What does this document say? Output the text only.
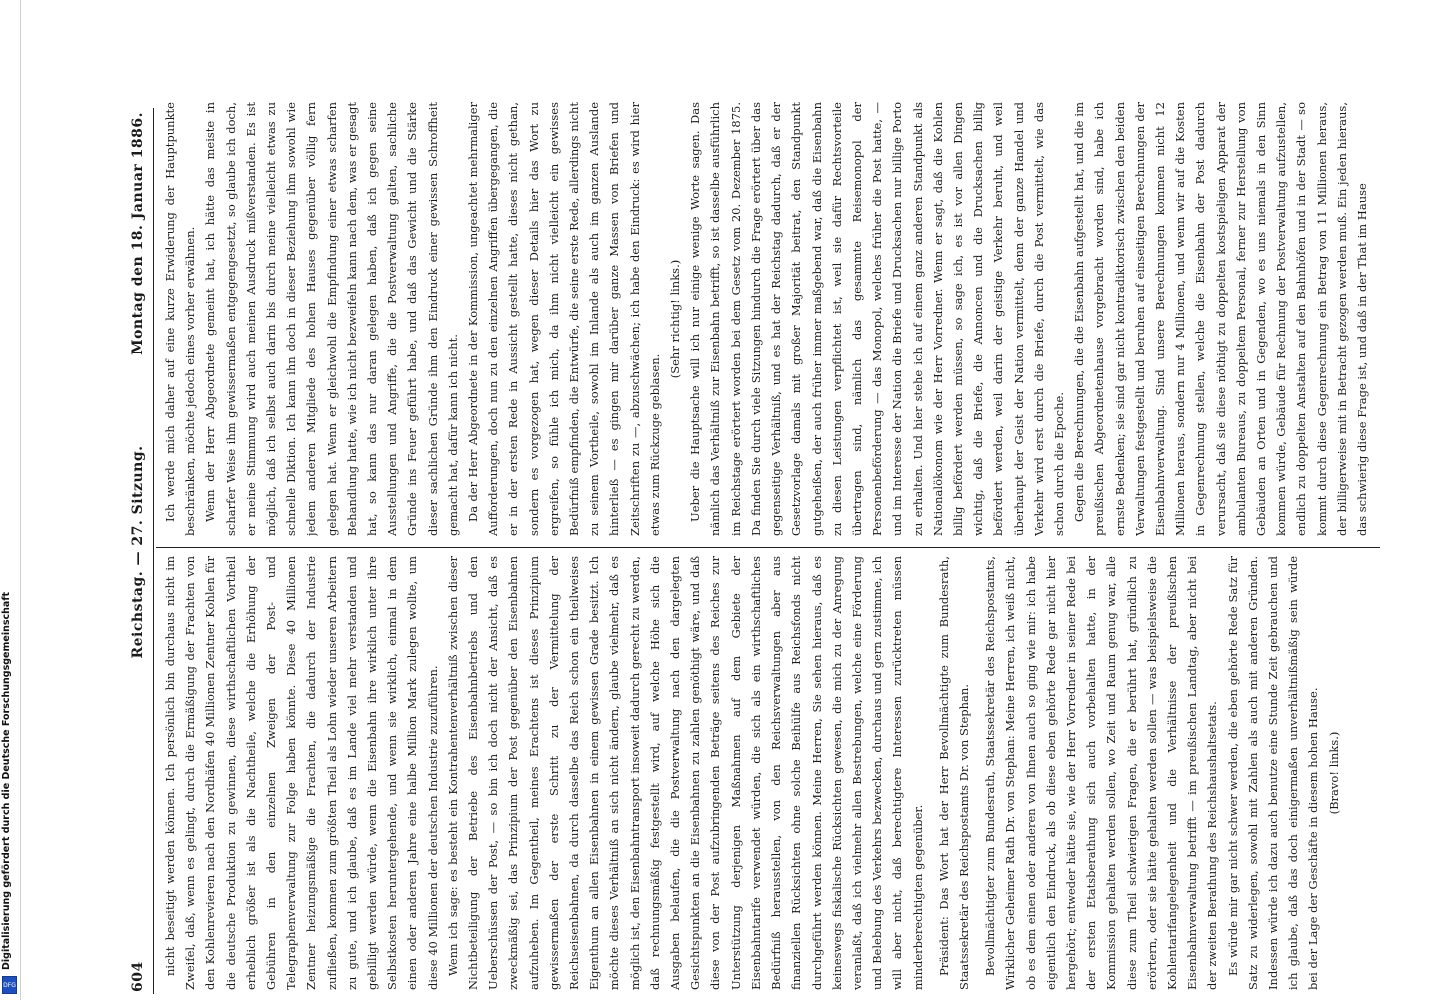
Digitalisierung gefördert durch die Deutsche Forschungsgemeinschaft
DFG	604
Reichstag. — 27. Sitzung.
Montag den 18. Januar 1886.

nicht beseitigt werden können. Ich persönlich bin durchaus nicht im Zweifel, daß, wenn es gelingt, durch die Ermäßigung der Frachten von den Kohlenrevieren nach den Nordhäfen 40 Millionen Zentner Kohlen für die deutsche Produktion zu gewinnen, diese wirthschaftlichen Vortheil erheblich größer ist als die Nachtheile, welche die Erhöhung der Gebühren in den einzelnen Zweigen der Post- und Telegraphenverwaltung zur Folge haben könnte. Diese 40 Millionen Zentner heizungsmäßige die Frachten, die dadurch der Industrie zufließen, kommen zum größten Theil als Lohn wieder unseren Arbeitern zu gute, und ich glaube, daß es im Lande viel mehr verstanden und gebilligt werden würde, wenn die Eisenbahn ihre wirklich unter ihre Selbstkosten heruntergehende, und wenn sie wirklich, einmal in dem einen oder anderen Jahre eine halbe Million Mark zulegen wollte, um diese 40 Millionen der deutschen Industrie zuzuführen. Wenn ich sage: es besteht ein Kontrahentenverhältniß zwischen dieser Nichtbeteiligung der Betriebe des Eisenbahnbetriebs und den Ueberschüssen der Post, — so bin ich doch nicht der Ansicht, daß es zweckmäßig sei, das Prinzipium der Post gegenüber den Eisenbahnen aufzuheben. Im Gegentheil, meines Erachtens ist dieses Prinzipium gewissermaßen der erste Schritt zu der Vermittelung der Reichseisenbahnen, da durch dasselbe das Reich schon ein theilweises Eigenthum an allen Eisenbahnen in einem gewissen Grade besitzt. Ich möchte dieses Verhältniß an sich nicht ändern, glaube vielmehr, daß es möglich ist, den Eisenbahntransport insoweit dadurch gerecht zu werden, daß rechnungsmäßig festgestellt wird, auf welche Höhe sich die Ausgaben belaufen, die die Postverwaltung nach den dargelegten Gesichtspunkten an die Eisenbahnen zu zahlen genöthigt wäre, und daß diese von der Post aufzubringenden Beträge seitens des Reiches zur Unterstützung derjenigen Maßnahmen auf dem Gebiete der Eisenbahntarife verwendet würden, die sich als ein wirthschaftliches Bedürfniß herausstellen, von den Reichsverwaltungen aber aus finanziellen Rücksichten ohne solche Beihülfe aus Reichsfonds nicht durchgeführt werden können. Meine Herren, Sie sehen hieraus, daß es keineswegs fiskalische Rücksichten gewesen, die mich zu der Anregung veranlaßt, daß ich vielmehr allen Bestrebungen, welche eine Förderung und Belebung des Verkehrs bezwecken, durchaus und gern zustimme, ich will aber nicht, daß berechtigtere Interessen zurücktreten müssen minderberechtigten gegenüber. Präsident: Das Wort hat der Herr Bevollmächtigte zum Bundesrath, Staatssekretär des Reichspostamts Dr. von Stephan. Bevollmächtigter zum Bundesrath, Staatssekretär des Reichspostamts, Wirklicher Geheimer Rath Dr. von Stephan: Meine Herren, ich weiß nicht, ob es dem einen oder anderen von Ihnen auch so ging wie mir: ich habe eigentlich den Eindruck, als ob diese eben gehörte Rede gar nicht hier hergehört; entweder hätte sie, wie der Herr Vorredner in seiner Rede bei der ersten Etatsberathung sich auch vorbehalten hatte, in der Kommission gehalten werden sollen, wo Zeit und Raum genug war, alle diese zum Theil schwierigen Fragen, die er berührt hat, gründlich zu erörtern, oder sie hätte gehalten werden sollen — was beispielsweise die Kohlentarifangelegenheit und die Verhältnisse der preußischen Eisenbahnverwaltung betrifft — im preußischen Landtag, aber nicht bei der zweiten Berathung des Reichshaushaltsetats. Es würde mir gar nicht schwer werden, die eben gehörte Rede Satz für Satz zu widerlegen, sowohl mit Zahlen als auch mit anderen Gründen. Indessen würde ich dazu auch benutze eine Stunde Zeit gebrauchen und ich glaube, daß das doch einigermaßen unverhältnißmäßig sein würde bei der Lage der Geschäfte in diesem hohen Hause. (Bravo! links.)

Ich werde mich daher auf eine kurze Erwiderung der Hauptpunkte beschränken, möchte jedoch eines vorher erwähnen. Wenn der Herr Abgeordnete gemeint hat, ich hätte das meiste in scharfer Weise ihm gewissermaßen entgegengesetzt, so glaube ich doch, er meine Stimmung wird auch meinen Ausdruck mißverstanden. Es ist möglich, daß ich selbst auch darin bis durch meine vielleicht etwas zu schnelle Diktion. Ich kann ihn doch in dieser Beziehung ihm sowohl wie jedem anderen Mitgliede des hohen Hauses gegenüber völlig fern gelegen hat. Wenn er gleichwohl die Empfindung einer etwas scharfen Behandlung hatte, wie ich nicht bezweifeln kann nach dem, was er gesagt hat, so kann das nur daran gelegen haben, daß ich gegen seine Ausstellungen und Angriffe, die die Postverwaltung galten, sachliche Gründe ins Feuer geführt habe, und daß das Gewicht und die Stärke dieser sachlichen Gründe ihm den Eindruck einer gewissen Schroffheit gemacht hat, dafür kann ich nicht. Da der Herr Abgeordnete in der Kommission, ungeachtet mehrmaliger Aufforderungen, doch nun zu den einzelnen Angriffen übergegangen, die er in der ersten Rede in Aussicht gestellt hatte, dieses nicht gethan, sondern es vorgezogen hat, wegen dieser Details hier das Wort zu ergreifen, so fühle ich mich, da ihm nicht vielleicht ein gewisses Bedürfniß empfinden, die Entwürfe, die seine erste Rede, allerdings nicht zu seinem Vortheile, sowohl im Inlande als auch im ganzen Auslande hinterließ — es gingen mir darüber ganze Massen von Briefen und Zeitschriften zu —, abzuschwächen; ich habe den Eindruck: es wird hier etwas zum Rückzuge geblasen.

(Sehr richtig! links.) Ueber die Hauptsache will ich nur einige wenige Worte sagen. Das nämlich das Verhältniß zur Eisenbahn betrifft, so ist dasselbe ausführlich im Reichstage erörtert worden bei dem Gesetz vom 20. Dezember 1875. Da finden Sie durch viele Sitzungen hindurch die Frage erörtert über das gegenseitige Verhältniß, und es hat der Reichstag dadurch, daß er der Gesetzvorlage damals mit großer Majorität beitrat, den Standpunkt gutgeheißen, der auch früher immer maßgebend war, daß die Eisenbahn zu diesen Leistungen verpflichtet ist, weil sie dafür Rechtsvorteile übertragen sind, nämlich das gesammte Reisemonopol der Personenbeförderung — das Monopol, welches früher die Post hatte, — und im Interesse der Nation die Briefe und Drucksachen nur billige Porto zu erhalten. Und hier stehe ich auf einem ganz anderen Standpunkt als Nationalökonom wie der Herr Vorredner. Wenn er sagt, daß die Kohlen billig befördert werden müssen, so sage ich, es ist vor allen Dingen wichtig, daß die Briefe, die Annoncen und die Drucksachen billig befördert werden, weil darin der geistige Verkehr beruht, und weil überhaupt der Geist der Nation vermittelt, denn der ganze Handel und Verkehr wird erst durch die Briefe, durch die Post vermittelt, wie das schon durch die Epoche. Gegen die Berechnungen, die die Eisenbahn aufgestellt hat, und die im preußischen Abgeordnetenhause vorgebracht worden sind, habe ich ernste Bedenken; sie sind gar nicht kontradiktorisch zwischen den beiden Verwaltungen festgestellt und beruhen auf einseitigen Berechnungen der Eisenbahnverwaltung. Sind unsere Berechnungen kommen nicht 12 Millionen heraus, sondern nur 4 Millionen, und wenn wir auf die Kosten in Gegenrechnung stellen, welche die Eisenbahn der Post dadurch verursacht, daß sie diese nöthigt zu doppelten kostspieligen Apparat der ambulanten Bureaus, zu doppeltem Personal, ferner zur Herstellung von Gebäuden an Orten und in Gegenden, wo es uns niemals in den Sinn kommen würde, Gebäude für Rechnung der Postverwaltung aufzustellen, endlich zu doppelten Anstalten auf den Bahnhöfen und in der Stadt — so kommt durch diese Gegenrechnung ein Betrag von 11 Millionen heraus, der billigerweise mit in Betracht gezogen werden muß. Ein jeden hieraus, das schwierig diese Frage ist, und daß in der That im Hause
